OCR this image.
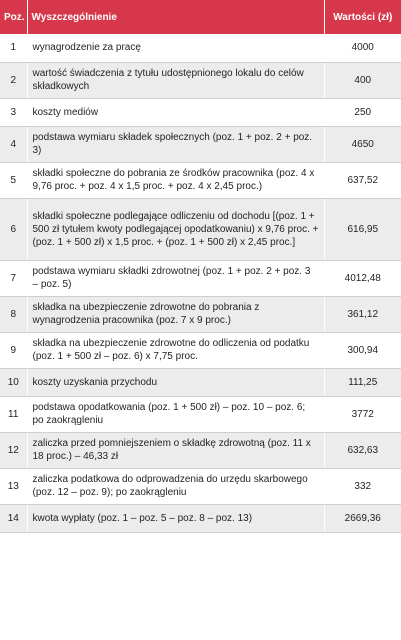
Poz.	Wyszczególnienie	Wartości (zł)
1	wynagrodzenie za pracę	4000
2	wartość świadczenia z tytułu udostępnionego lokalu do celów składkowych	400
3	koszty mediów	250
4	podstawa wymiaru składek społecznych (poz. 1 + poz. 2 + poz. 3)	4650
5	składki społeczne do pobrania ze środków pracownika (poz. 4 x 9,76 proc. + poz. 4 x 1,5 proc. + poz. 4 x 2,45 proc.)	637,52
6	składki społeczne podlegające odliczeniu od dochodu [(poz. 1 + 500 zł tytułem kwoty podlegającej opodatkowaniu) x 9,76 proc. + (poz. 1 + 500 zł) x 1,5 proc. + (poz. 1 + 500 zł) x 2,45 proc.]	616,95
7	podstawa wymiaru składki zdrowotnej (poz. 1 + poz. 2 + poz. 3 – poz. 5)	4012,48
8	składka na ubezpieczenie zdrowotne do pobrania z wynagrodzenia pracownika (poz. 7 x 9 proc.)	361,12
9	składka na ubezpieczenie zdrowotne do odliczenia od podatku (poz. 1 + 500 zł – poz. 6) x 7,75 proc.	300,94
10	koszty uzyskania przychodu	111,25
11	podstawa opodatkowania (poz. 1 + 500 zł) – poz. 10 – poz. 6; po zaokrągleniu	3772
12	zaliczka przed pomniejszeniem o składkę zdrowotną (poz. 11 x 18 proc.) – 46,33 zł	632,63
13	zaliczka podatkowa do odprowadzenia do urzędu skarbowego (poz. 12 – poz. 9); po zaokrągleniu	332
14	kwota wypłaty (poz. 1 – poz. 5 – poz. 8 – poz. 13)	2669,36
